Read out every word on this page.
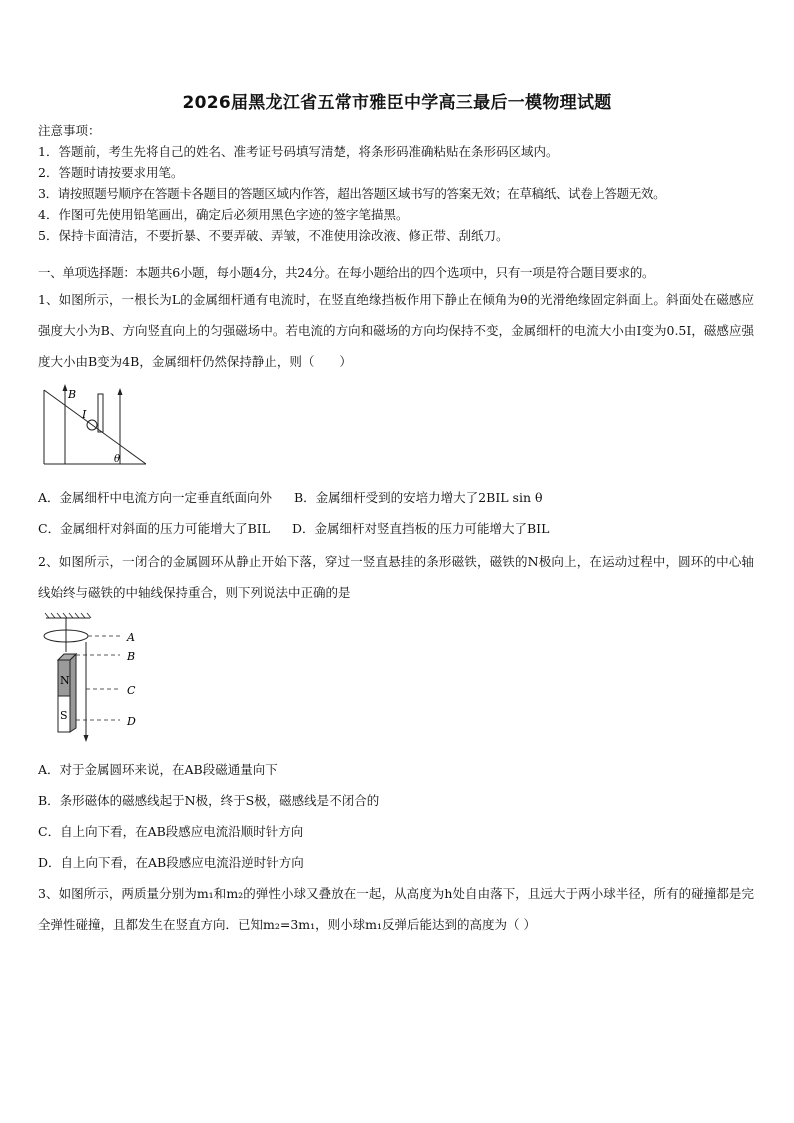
2026届黑龙江省五常市雅臣中学高三最后一模物理试题
注意事项：
1．答题前，考生先将自己的姓名、准考证号码填写清楚，将条形码准确粘贴在条形码区域内。
2．答题时请按要求用笔。
3．请按照题号顺序在答题卡各题目的答题区域内作答，超出答题区域书写的答案无效；在草稿纸、试卷上答题无效。
4．作图可先使用铅笔画出，确定后必须用黑色字迹的签字笔描黑。
5．保持卡面清洁，不要折暴、不要弄破、弄皱，不准使用涂改液、修正带、刮纸刀。
一、单项选择题：本题共6小题，每小题4分，共24分。在每小题给出的四个选项中，只有一项是符合题目要求的。
1、如图所示，一根长为L的金属细杆通有电流时，在竖直绝缘挡板作用下静止在倾角为θ的光滑绝缘固定斜面上。斜面处在磁感应强度大小为B、方向竖直向上的匀强磁场中。若电流的方向和磁场的方向均保持不变，金属细杆的电流大小由I变为0.5I，磁感应强度大小由B变为4B，金属细杆仍然保持静止，则（　　）
B
I
θ
A．金属细杆中电流方向一定垂直纸面向外 B．金属细杆受到的安培力增大了2BIL sin θ
C．金属细杆对斜面的压力可能增大了BIL D．金属细杆对竖直挡板的压力可能增大了BIL
2、如图所示，一闭合的金属圆环从静止开始下落，穿过一竖直悬挂的条形磁铁，磁铁的N极向上，在运动过程中，圆环的中心轴线始终与磁铁的中轴线保持重合，则下列说法中正确的是
N
S
A
B
C
D
A．对于金属圆环来说，在AB段磁通量向下
B．条形磁体的磁感线起于N极，终于S极，磁感线是不闭合的
C．自上向下看，在AB段感应电流沿顺时针方向
D．自上向下看，在AB段感应电流沿逆时针方向
3、如图所示，两质量分别为m₁和m₂的弹性小球又叠放在一起，从高度为h处自由落下，且远大于两小球半径，所有的碰撞都是完全弹性碰撞，且都发生在竖直方向．已知m₂=3m₁，则小球m₁反弹后能达到的高度为（ ）
